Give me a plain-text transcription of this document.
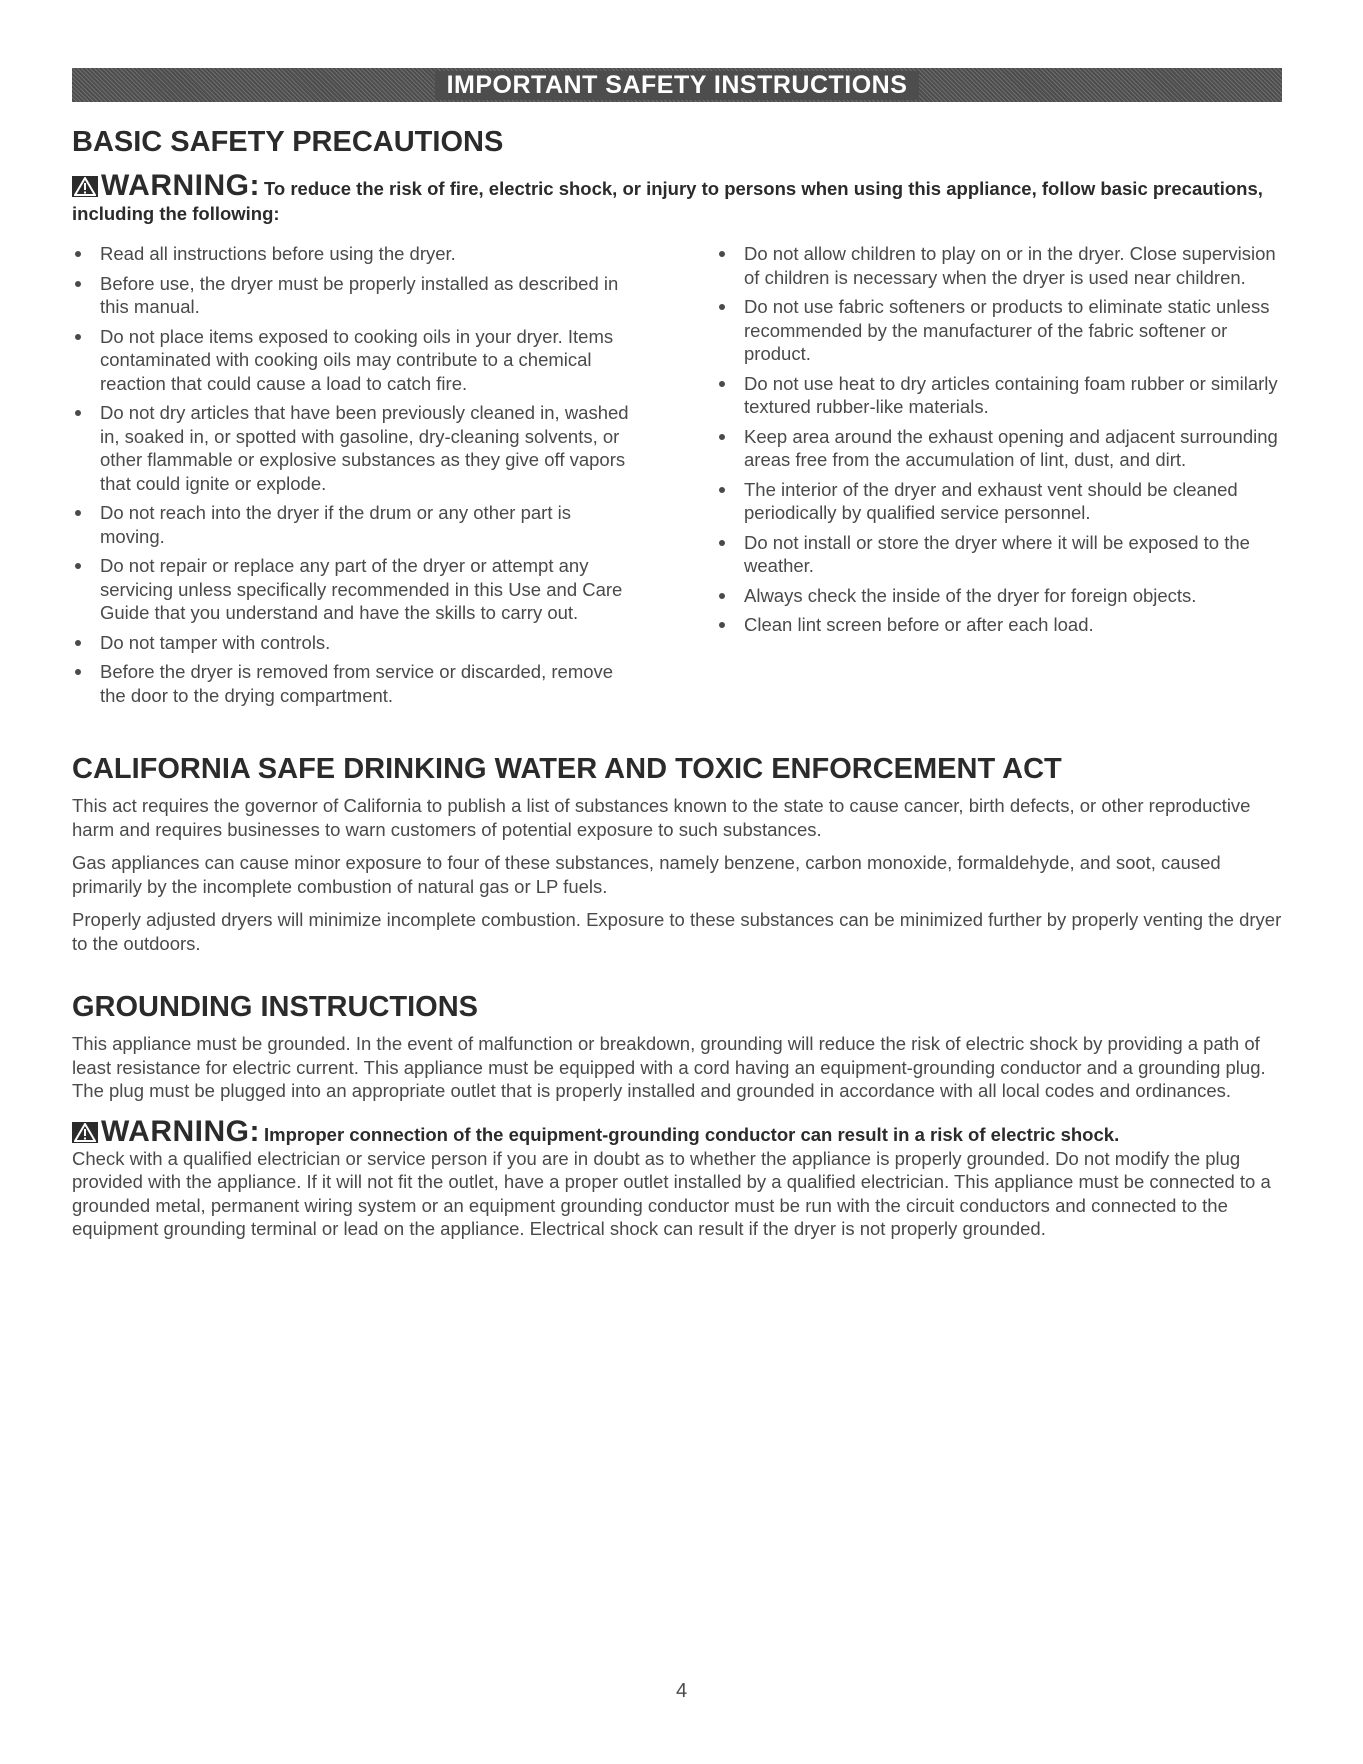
IMPORTANT SAFETY INSTRUCTIONS
BASIC SAFETY PRECAUTIONS
WARNING: To reduce the risk of fire, electric shock, or injury to persons when using this appliance, follow basic precautions, including the following:
Read all instructions before using the dryer.
Before use, the dryer must be properly installed as described in this manual.
Do not place items exposed to cooking oils in your dryer. Items contaminated with cooking oils may contribute to a chemical reaction that could cause a load to catch fire.
Do not dry articles that have been previously cleaned in, washed in, soaked in, or spotted with gasoline, dry-cleaning solvents, or other flammable or explosive substances as they give off vapors that could ignite or explode.
Do not reach into the dryer if the drum or any other part is moving.
Do not repair or replace any part of the dryer or attempt any servicing unless specifically recommended in this Use and Care Guide that you understand and have the skills to carry out.
Do not tamper with controls.
Before the dryer is removed from service or discarded, remove the door to the drying compartment.
Do not allow children to play on or in the dryer. Close supervision of children is necessary when the dryer is used near children.
Do not use fabric softeners or products to eliminate static unless recommended by the manufacturer of the fabric softener or product.
Do not use heat to dry articles containing foam rubber or similarly textured rubber-like materials.
Keep area around the exhaust opening and adjacent surrounding areas free from the accumulation of lint, dust, and dirt.
The interior of the dryer and exhaust vent should be cleaned periodically by qualified service personnel.
Do not install or store the dryer where it will be exposed to the weather.
Always check the inside of the dryer for foreign objects.
Clean lint screen before or after each load.
CALIFORNIA SAFE DRINKING WATER AND TOXIC ENFORCEMENT ACT

This act requires the governor of California to publish a list of substances known to the state to cause cancer, birth defects, or other reproductive harm and requires businesses to warn customers of potential exposure to such substances.

Gas appliances can cause minor exposure to four of these substances, namely benzene, carbon monoxide, formaldehyde, and soot, caused primarily by the incomplete combustion of natural gas or LP fuels.

Properly adjusted dryers will minimize incomplete combustion. Exposure to these substances can be minimized further by properly venting the dryer to the outdoors.

GROUNDING INSTRUCTIONS

This appliance must be grounded. In the event of malfunction or breakdown, grounding will reduce the risk of electric shock by providing a path of least resistance for electric current. This appliance must be equipped with a cord having an equipment-grounding conductor and a grounding plug. The plug must be plugged into an appropriate outlet that is properly installed and grounded in accordance with all local codes and ordinances.

WARNING: Improper connection of the equipment-grounding conductor can result in a risk of electric shock.

Check with a qualified electrician or service person if you are in doubt as to whether the appliance is properly grounded. Do not modify the plug provided with the appliance. If it will not fit the outlet, have a proper outlet installed by a qualified electrician. This appliance must be connected to a grounded metal, permanent wiring system or an equipment grounding conductor must be run with the circuit conductors and connected to the equipment grounding terminal or lead on the appliance. Electrical shock can result if the dryer is not properly grounded.

4
